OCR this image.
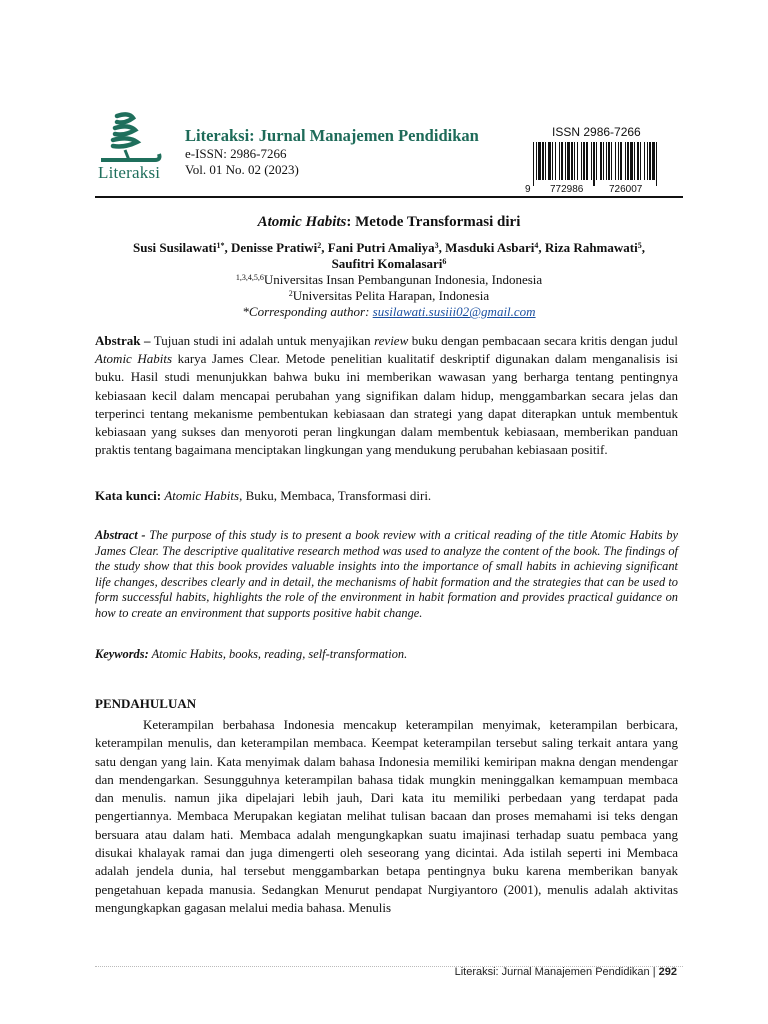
Literaksi
Literaksi: Jurnal Manajemen Pendidikan
e-ISSN: 2986-7266
Vol. 01 No. 02 (2023)
ISSN 2986-7266
9 772986	726007
Atomic Habits: Metode Transformasi diri
Susi Susilawati$^{1*}$, Denisse Pratiwi$^2$, Fani Putri Amaliya$^3$, Masduki Asbari$^4$, Riza Rahmawati$^5$,
Saufitri Komalasari$^6$
$^{1,3,4,5,6}$Universitas Insan Pembangunan Indonesia, Indonesia
$^2$Universitas Pelita Harapan, Indonesia
*Corresponding author: susilawati.susiii02@gmail.com
Abstrak – Tujuan studi ini adalah untuk menyajikan review buku dengan pembacaan secara kritis dengan judul Atomic Habits karya James Clear. Metode penelitian kualitatif deskriptif digunakan dalam menganalisis isi buku. Hasil studi menunjukkan bahwa buku ini memberikan wawasan yang berharga tentang pentingnya kebiasaan kecil dalam mencapai perubahan yang signifikan dalam hidup, menggambarkan secara jelas dan terperinci tentang mekanisme pembentukan kebiasaan dan strategi yang dapat diterapkan untuk membentuk kebiasaan yang sukses dan menyoroti peran lingkungan dalam membentuk kebiasaan, memberikan panduan praktis tentang bagaimana menciptakan lingkungan yang mendukung perubahan kebiasaan positif.
Kata kunci: Atomic Habits, Buku, Membaca, Transformasi diri.
Abstract - The purpose of this study is to present a book review with a critical reading of the title Atomic Habits by James Clear. The descriptive qualitative research method was used to analyze the content of the book. The findings of the study show that this book provides valuable insights into the importance of small habits in achieving significant life changes, describes clearly and in detail, the mechanisms of habit formation and the strategies that can be used to form successful habits, highlights the role of the environment in habit formation and provides practical guidance on how to create an environment that supports positive habit change.
Keywords: Atomic Habits, books, reading, self-transformation.
PENDAHULUAN
Keterampilan berbahasa Indonesia mencakup keterampilan menyimak, keterampilan berbicara, keterampilan menulis, dan keterampilan membaca. Keempat keterampilan tersebut saling terkait antara yang satu dengan yang lain. Kata menyimak dalam bahasa Indonesia memiliki kemiripan makna dengan mendengar dan mendengarkan. Sesungguhnya keterampilan bahasa tidak mungkin meninggalkan kemampuan membaca dan menulis. namun jika dipelajari lebih jauh, Dari kata itu memiliki perbedaan yang terdapat pada pengertiannya. Membaca Merupakan kegiatan melihat tulisan bacaan dan proses memahami isi teks dengan bersuara atau dalam hati. Membaca adalah mengungkapkan suatu imajinasi terhadap suatu pembaca yang disukai khalayak ramai dan juga dimengerti oleh seseorang yang dicintai. Ada istilah seperti ini Membaca adalah jendela dunia, hal tersebut menggambarkan betapa pentingnya buku karena memberikan banyak pengetahuan kepada manusia. Sedangkan Menurut pendapat Nurgiyantoro (2001), menulis adalah aktivitas mengungkapkan gagasan melalui media bahasa. Menulis
Literaksi: Jurnal Manajemen Pendidikan | 292
